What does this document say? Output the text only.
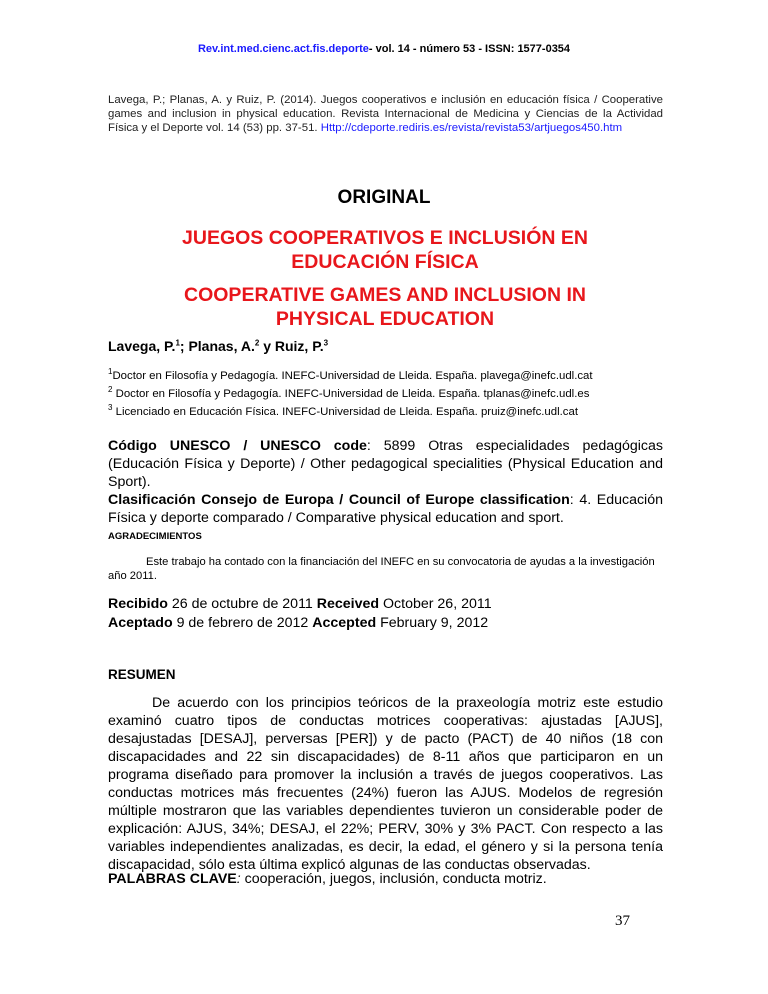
Rev.int.med.cienc.act.fis.deporte- vol. 14 - número 53 - ISSN: 1577-0354
Lavega, P.; Planas, A. y Ruiz, P. (2014). Juegos cooperativos e inclusión en educación física / Cooperative games and inclusion in physical education. Revista Internacional de Medicina y Ciencias de la Actividad Física y el Deporte vol. 14 (53) pp. 37-51. Http://cdeporte.rediris.es/revista/revista53/artjuegos450.htm
ORIGINAL
JUEGOS COOPERATIVOS E INCLUSIÓN EN EDUCACIÓN FÍSICA
COOPERATIVE GAMES AND INCLUSION IN PHYSICAL EDUCATION
Lavega, P.$^1$; Planas, A.$^2$ y Ruiz, P.$^3$
$^1$Doctor en Filosofía y Pedagogía. INEFC-Universidad de Lleida. España. plavega@inefc.udl.cat
$^2$ Doctor en Filosofía y Pedagogía. INEFC-Universidad de Lleida. España. tplanas@inefc.udl.es
$^3$ Licenciado en Educación Física. INEFC-Universidad de Lleida. España. pruiz@inefc.udl.cat
Código UNESCO / UNESCO code: 5899 Otras especialidades pedagógicas (Educación Física y Deporte) / Other pedagogical specialities (Physical Education and Sport).
Clasificación Consejo de Europa / Council of Europe classification: 4. Educación Física y deporte comparado / Comparative physical education and sport.
AGRADECIMIENTOS
Este trabajo ha contado con la financiación del INEFC en su convocatoria de ayudas a la investigación año 2011.
Recibido 26 de octubre de 2011 Received October 26, 2011
Aceptado 9 de febrero de 2012 Accepted February 9, 2012
RESUMEN
De acuerdo con los principios teóricos de la praxeología motriz este estudio examinó cuatro tipos de conductas motrices cooperativas: ajustadas [AJUS], desajustadas [DESAJ], perversas [PER]) y de pacto (PACT) de 40 niños (18 con discapacidades and 22 sin discapacidades) de 8-11 años que participaron en un programa diseñado para promover la inclusión a través de juegos cooperativos. Las conductas motrices más frecuentes (24%) fueron las AJUS. Modelos de regresión múltiple mostraron que las variables dependientes tuvieron un considerable poder de explicación: AJUS, 34%; DESAJ, el 22%; PERV, 30% y 3% PACT. Con respecto a las variables independientes analizadas, es decir, la edad, el género y si la persona tenía discapacidad, sólo esta última explicó algunas de las conductas observadas.
PALABRAS CLAVE: cooperación, juegos, inclusión, conducta motriz.
37
